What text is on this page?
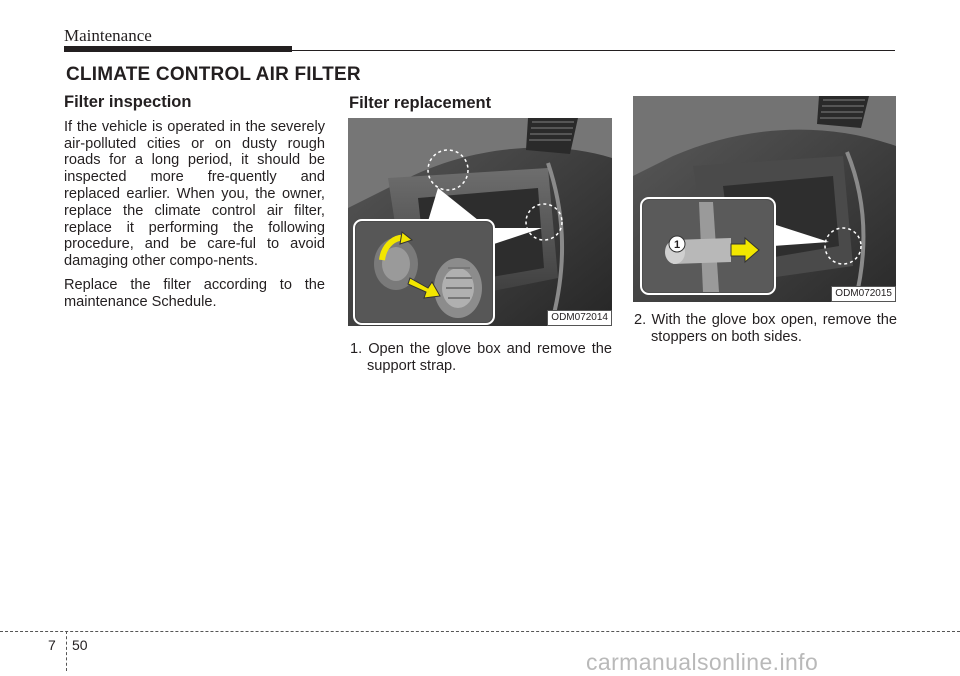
Maintenance
CLIMATE CONTROL AIR FILTER
Filter inspection

If the vehicle is operated in the severely air-polluted cities or on dusty rough roads for a long period, it should be inspected more fre-quently and replaced earlier. When you, the owner, replace the climate control air filter, replace it performing the following procedure, and be care-ful to avoid damaging other compo-nents.

Replace the filter according to the maintenance Schedule.

Filter replacement
ODM072014

1. Open the glove box and remove the support strap.

1
ODM072015

2. With the glove box open, remove the stoppers on both sides.

7 50
carmanualsonline.info
